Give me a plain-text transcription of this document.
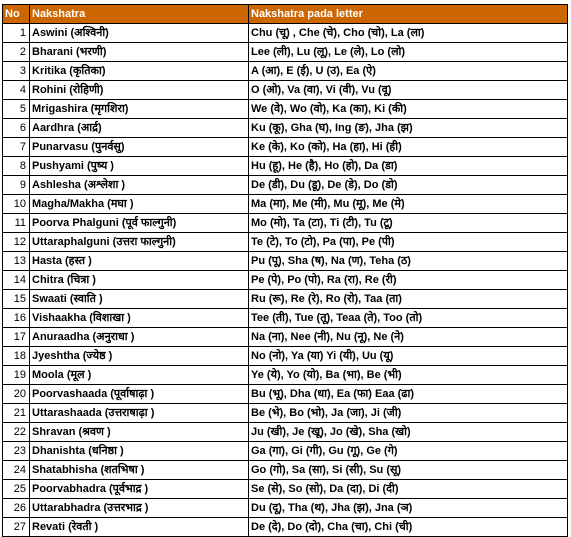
No	Nakshatra	Nakshatra pada letter
1	Aswini (अश्विनी)	Chu (चू) , Che (चे), Cho (चो), La (ला)
2	Bharani (भरणी)	Lee (ली), Lu (लू), Le (ले), Lo (लो)
3	Kritika (कृतिका)	A (आ), E (ई), U (उ), Ea (ऐ)
4	Rohini (रोहिणी)	O (ओ), Va (वा), Vi (वी), Vu (वू)
5	Mrigashira (मृगशिरा)	We (वे), Wo (वो), Ka (का), Ki (की)
6	Aardhra (आर्द्र)	Ku (कू), Gha (घ), Ing (ङ), Jha (झ)
7	Punarvasu (पुनर्वसु)	Ke (के), Ko (को), Ha (हा), Hi (ही)
8	Pushyami (पुष्य )	Hu (हू), He (है), Ho (हो), Da (डा)
9	Ashlesha (अश्लेशा )	De (डी), Du (डू), De (डे), Do (डो)
10	Magha/Makha (मघा )	Ma (मा), Me (मी), Mu (मू), Me (मे)
11	Poorva Phalguni (पूर्व फाल्गुनी)	Mo (मो), Ta (टा), Ti (टी), Tu (टू)
12	Uttaraphalguni (उत्तरा फाल्गुनी)	Te (टे), To (टो), Pa (पा), Pe (पी)
13	Hasta (हस्त )	Pu (पू), Sha (ष), Na (ण), Teha (ठ)
14	Chitra (चित्रा )	Pe (पे), Po (पो), Ra (रा), Re (री)
15	Swaati (स्वाति )	Ru (रू), Re (रे), Ro (रो), Taa (ता)
16	Vishaakha (विशाखा )	Tee (ती), Tue (तू), Teaa (ते), Too (तो)
17	Anuraadha (अनुराधा )	Na (ना), Nee (नी), Nu (नू), Ne (ने)
18	Jyeshtha (ज्येष्ठ )	No (नो), Ya (या) Yi (यी), Uu (यू)
19	Moola (मूल )	Ye (ये), Yo (यो), Ba (भा), Be (भी)
20	Poorvashaada (पूर्वाषाढ़ा )	Bu (भू), Dha (धा), Ea (फा) Eaa (ढा)
21	Uttarashaada (उत्तराषाढ़ा )	Be (भे), Bo (भो), Ja (जा), Ji (जी)
22	Shravan (श्रवण )	Ju (खी), Je (खू), Jo (खे), Sha (खो)
23	Dhanishta (धनिष्ठा )	Ga (गा), Gi (गी), Gu (गू), Ge (गे)
24	Shatabhisha (शतभिषा )	Go (गो), Sa (सा), Si (सी), Su (सू)
25	Poorvabhadra (पूर्वभाद्र )	Se (से), So (सो), Da (दा), Di (दी)
26	Uttarabhadra (उत्तरभाद्र )	Du (दू), Tha (थ), Jha (झ), Jna (ञ)
27	Revati (रेवती )	De (दे), Do (दो), Cha (चा), Chi (ची)
